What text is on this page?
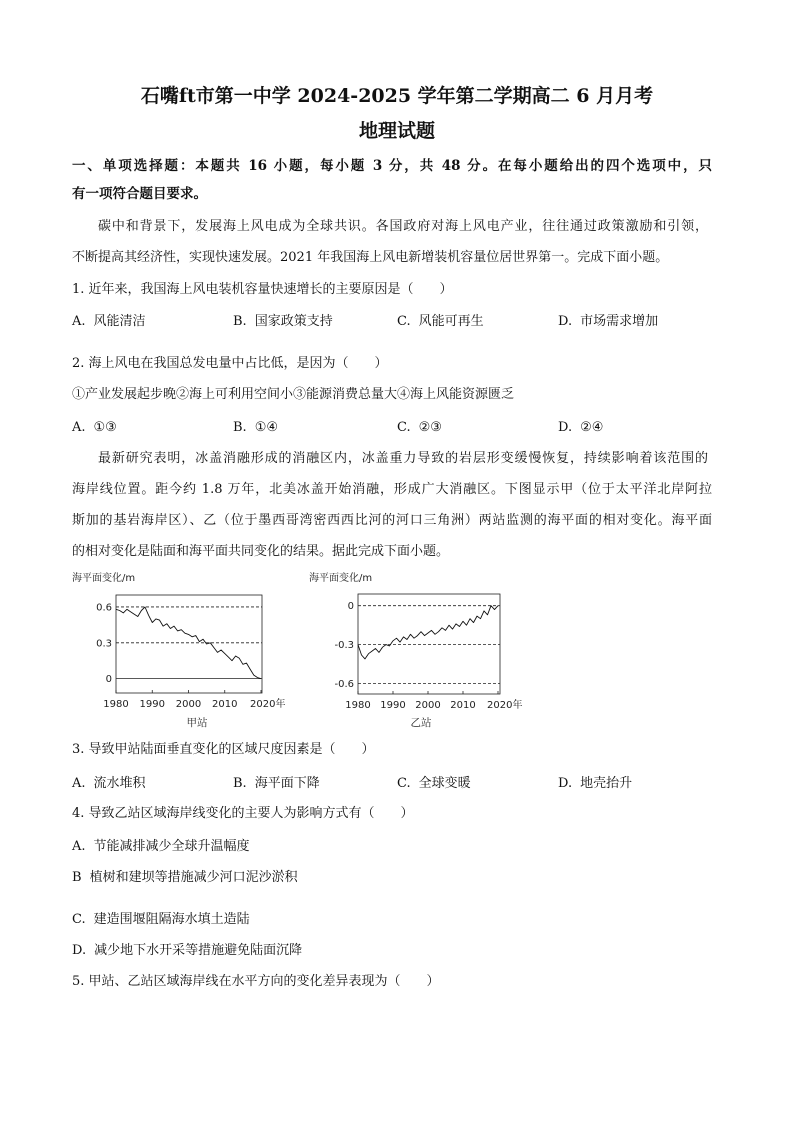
石嘴ft市第一中学 2024-2025 学年第二学期高二 6 月月考
地理试题
一、单项选择题：本题共 16 小题，每小题 3 分，共 48 分。在每小题给出的四个选项中，只
有一项符合题目要求。
碳中和背景下，发展海上风电成为全球共识。各国政府对海上风电产业，往往通过政策激励和引领，
不断提高其经济性，实现快速发展。2021 年我国海上风电新增装机容量位居世界第一。完成下面小题。
1. 近年来，我国海上风电装机容量快速增长的主要原因是（　　）
A. 风能清洁	B. 国家政策支持	C. 风能可再生	D. 市场需求增加
2. 海上风电在我国总发电量中占比低，是因为（　　）
①产业发展起步晚②海上可利用空间小③能源消费总量大④海上风能资源匮乏
A. ①③	B. ①④	C. ②③	D. ②④
最新研究表明，冰盖消融形成的消融区内，冰盖重力导致的岩层形变缓慢恢复，持续影响着该范围的
海岸线位置。距今约 1.8 万年，北美冰盖开始消融，形成广大消融区。下图显示甲（位于太平洋北岸阿拉
斯加的基岩海岸区）、乙（位于墨西哥湾密西西比河的河口三角洲）两站监测的海平面的相对变化。海平面
的相对变化是陆面和海平面共同变化的结果。据此完成下面小题。
1980 1990 2000 2010 2020年
0.6
0.3
0
海平面变化/m
甲站
1980 1990 2000 2010 2020年
0
-0.3
-0.6
海平面变化/m
乙站
3. 导致甲站陆面垂直变化的区域尺度因素是（　　）
A. 流水堆积	B. 海平面下降	C. 全球变暖	D. 地壳抬升
4. 导致乙站区域海岸线变化的主要人为影响方式有（　　）
A. 节能减排减少全球升温幅度
B 植树和建坝等措施减少河口泥沙淤积
C. 建造围堰阻隔海水填土造陆
D. 减少地下水开采等措施避免陆面沉降
5. 甲站、乙站区域海岸线在水平方向的变化差异表现为（　　）
